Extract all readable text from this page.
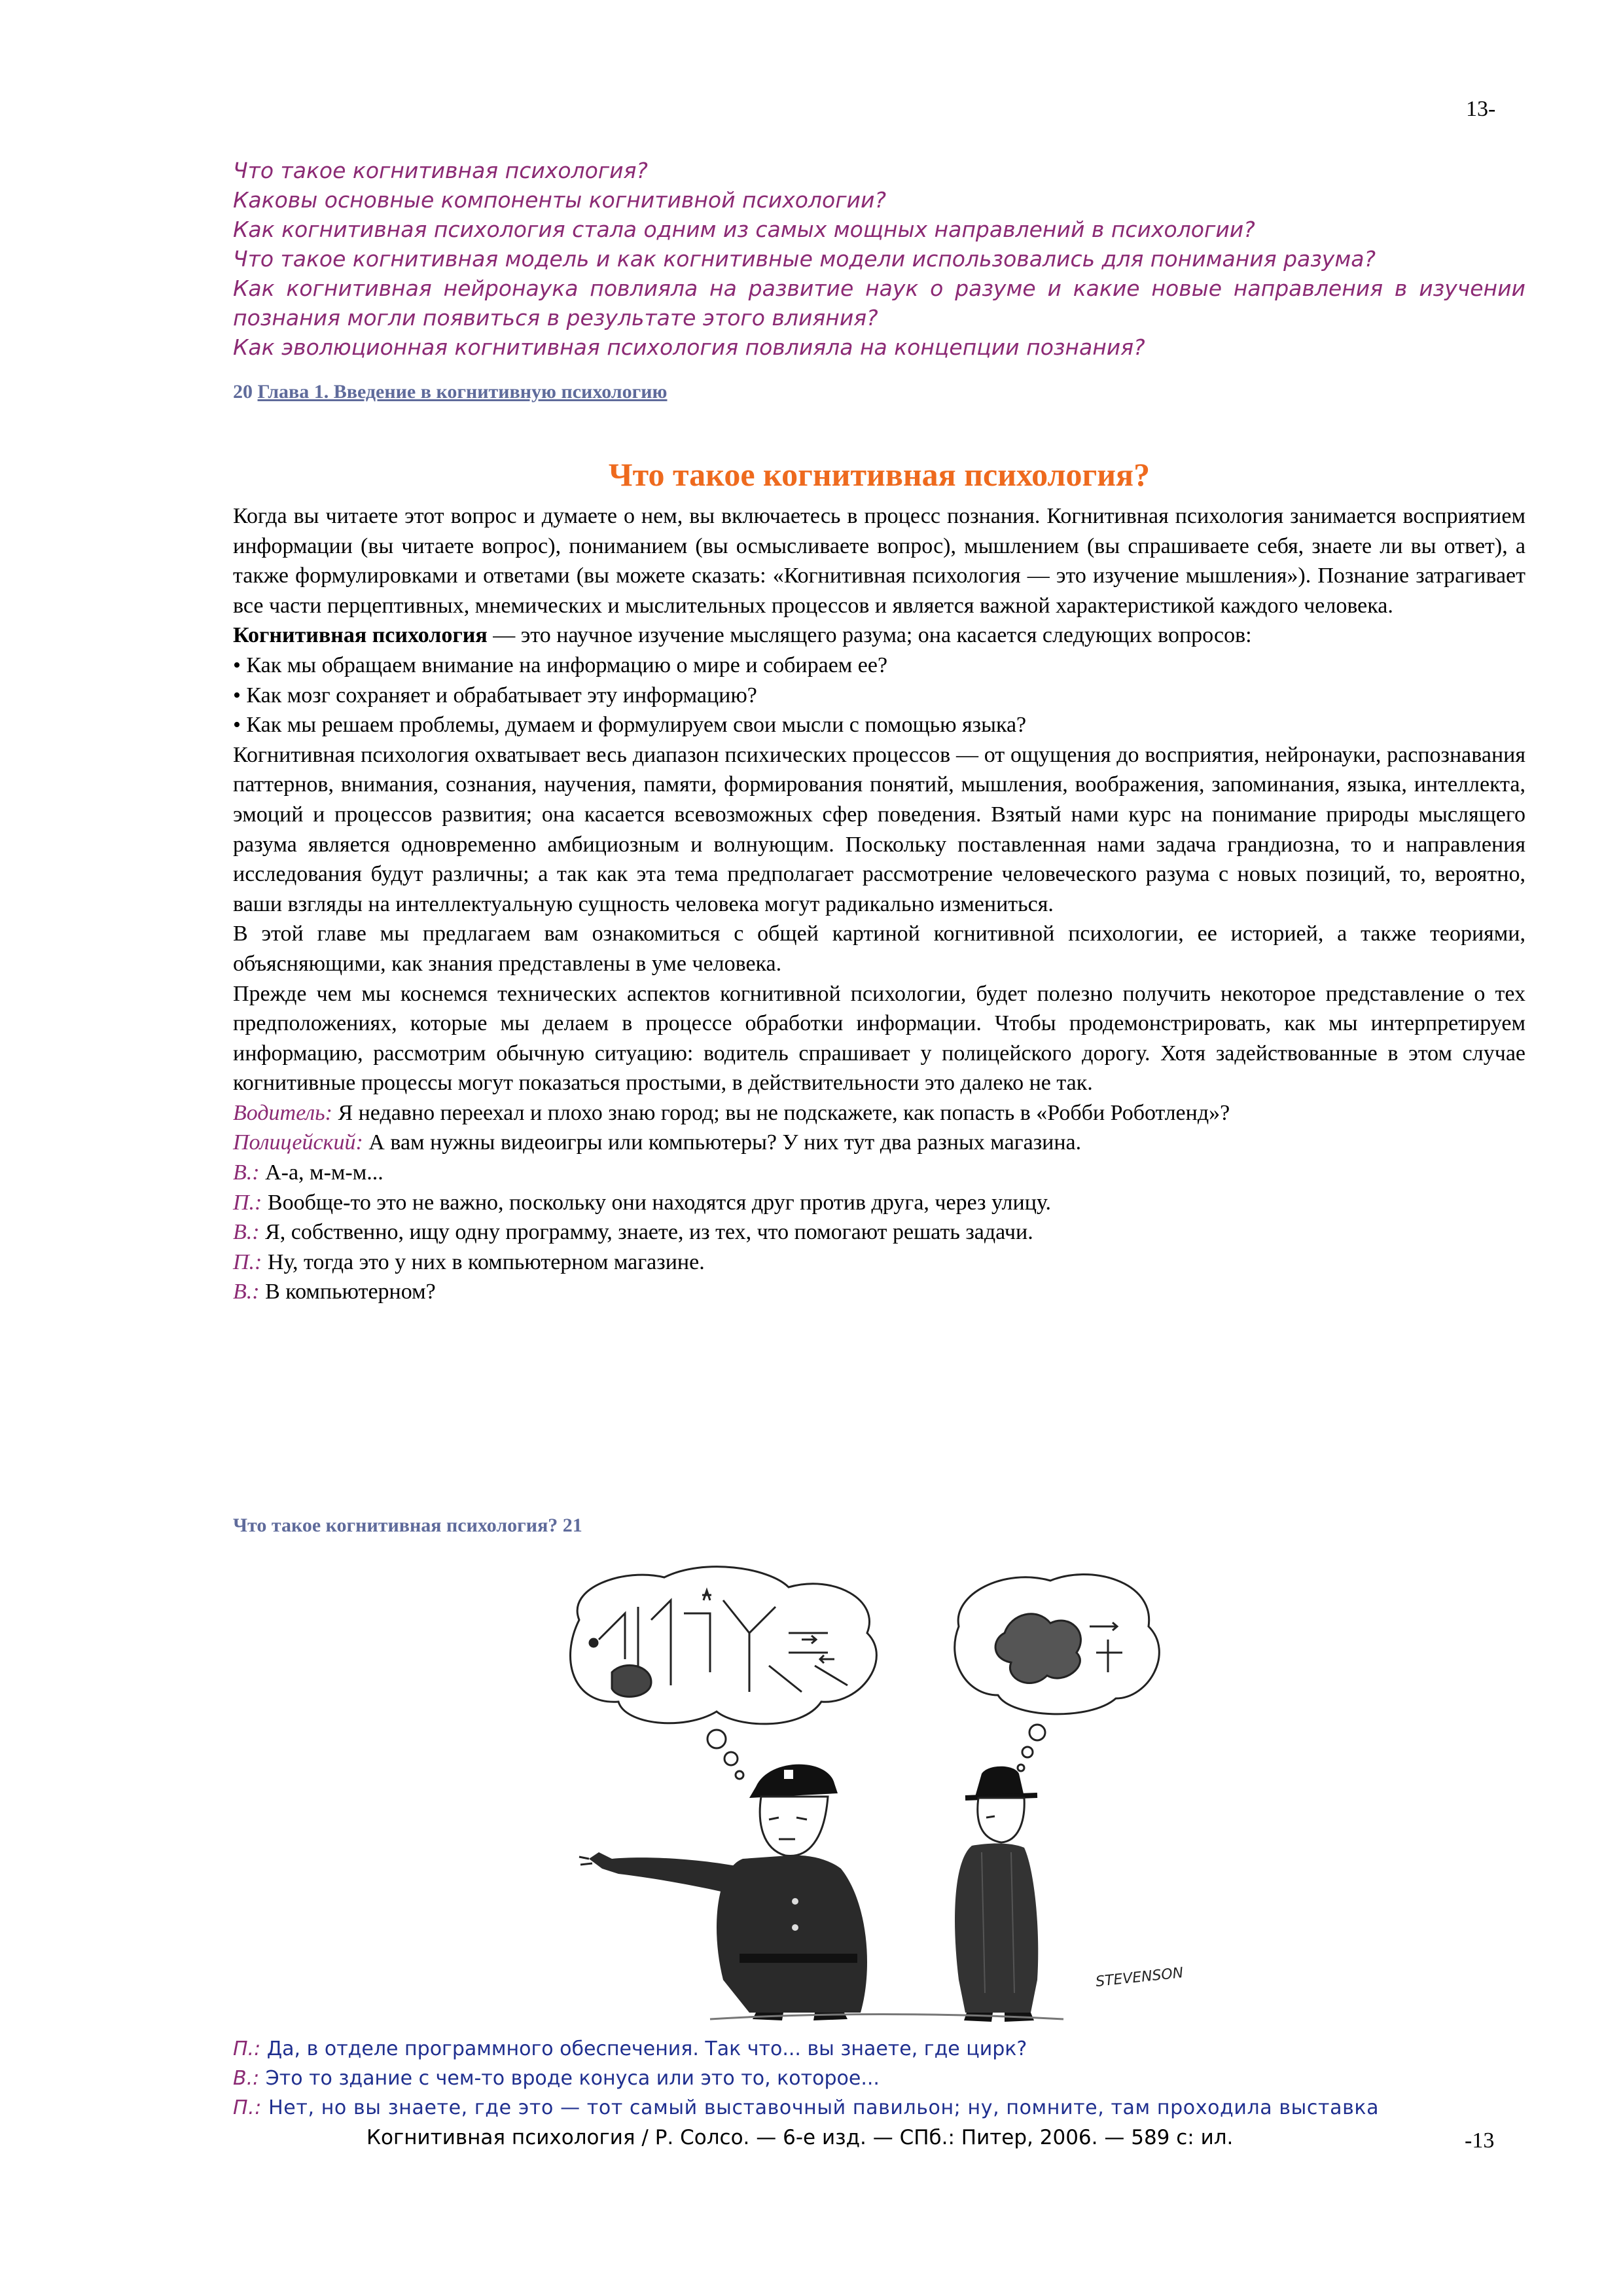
13-
Что такое когнитивная психология?
Каковы основные компоненты когнитивной психологии?
Как когнитивная психология стала одним из самых мощных направлений в психологии?
Что такое когнитивная модель и как когнитивные модели использовались для понимания разума?
Как когнитивная нейронаука повлияла на развитие наук о разуме и какие новые направления в изучении познания могли появиться в результате этого влияния?
Как эволюционная когнитивная психология повлияла на концепции познания?
20 Глава 1. Введение в когнитивную психологию
Что такое когнитивная психология?

Когда вы читаете этот вопрос и думаете о нем, вы включаетесь в процесс познания. Когнитивная психология занимается восприятием информации (вы читаете вопрос), пониманием (вы осмысливаете вопрос), мышлением (вы спрашиваете себя, знаете ли вы ответ), а также формулировками и ответами (вы можете сказать: «Когнитивная психология — это изучение мышления»). Познание затрагивает все части перцептивных, мнемических и мыслительных процессов и является важной характеристикой каждого человека.

Когнитивная психология — это научное изучение мыслящего разума; она касается следующих вопросов:

• Как мы обращаем внимание на информацию о мире и собираем ее?

• Как мозг сохраняет и обрабатывает эту информацию?

• Как мы решаем проблемы, думаем и формулируем свои мысли с помощью языка?

Когнитивная психология охватывает весь диапазон психических процессов — от ощущения до восприятия, нейронауки, распознавания паттернов, внимания, сознания, научения, памяти, формирования понятий, мышления, воображения, запоминания, языка, интеллекта, эмоций и процессов развития; она касается всевозможных сфер поведения. Взятый нами курс на понимание природы мыслящего разума является одновременно амбициозным и волнующим. Поскольку поставленная нами задача грандиозна, то и направления исследования будут различны; а так как эта тема предполагает рассмотрение человеческого разума с новых позиций, то, вероятно, ваши взгляды на интеллектуальную сущность человека могут радикально измениться.

В этой главе мы предлагаем вам ознакомиться с общей картиной когнитивной психологии, ее историей, а также теориями, объясняющими, как знания представлены в уме человека.

Прежде чем мы коснемся технических аспектов когнитивной психологии, будет полезно получить некоторое представление о тех предположениях, которые мы делаем в процессе обработки информации. Чтобы продемонстрировать, как мы интерпретируем информацию, рассмотрим обычную ситуацию: водитель спрашивает у полицейского дорогу. Хотя задействованные в этом случае когнитивные процессы могут показаться простыми, в действительности это далеко не так.

Водитель: Я недавно переехал и плохо знаю город; вы не подскажете, как попасть в «Робби Роботленд»?

Полицейский: А вам нужны видеоигры или компьютеры? У них тут два разных магазина.

В.: А-а, м-м-м...

П.: Вообще-то это не важно, поскольку они находятся друг против друга, через улицу.

В.: Я, собственно, ищу одну программу, знаете, из тех, что помогают решать задачи.

П.: Ну, тогда это у них в компьютерном магазине.

В.: В компьютерном?

Что такое когнитивная психология? 21
STEVENSON
П.: Да, в отделе программного обеспечения. Так что... вы знаете, где цирк?
В.: Это то здание с чем-то вроде конуса или это то, которое...
П.: Нет, но вы знаете, где это — тот самый выставочный павильон; ну, помните, там проходила выставка
Когнитивная психология / Р. Солсо. — 6-е изд. — СПб.: Питер, 2006. — 589 с: ил.	-13
